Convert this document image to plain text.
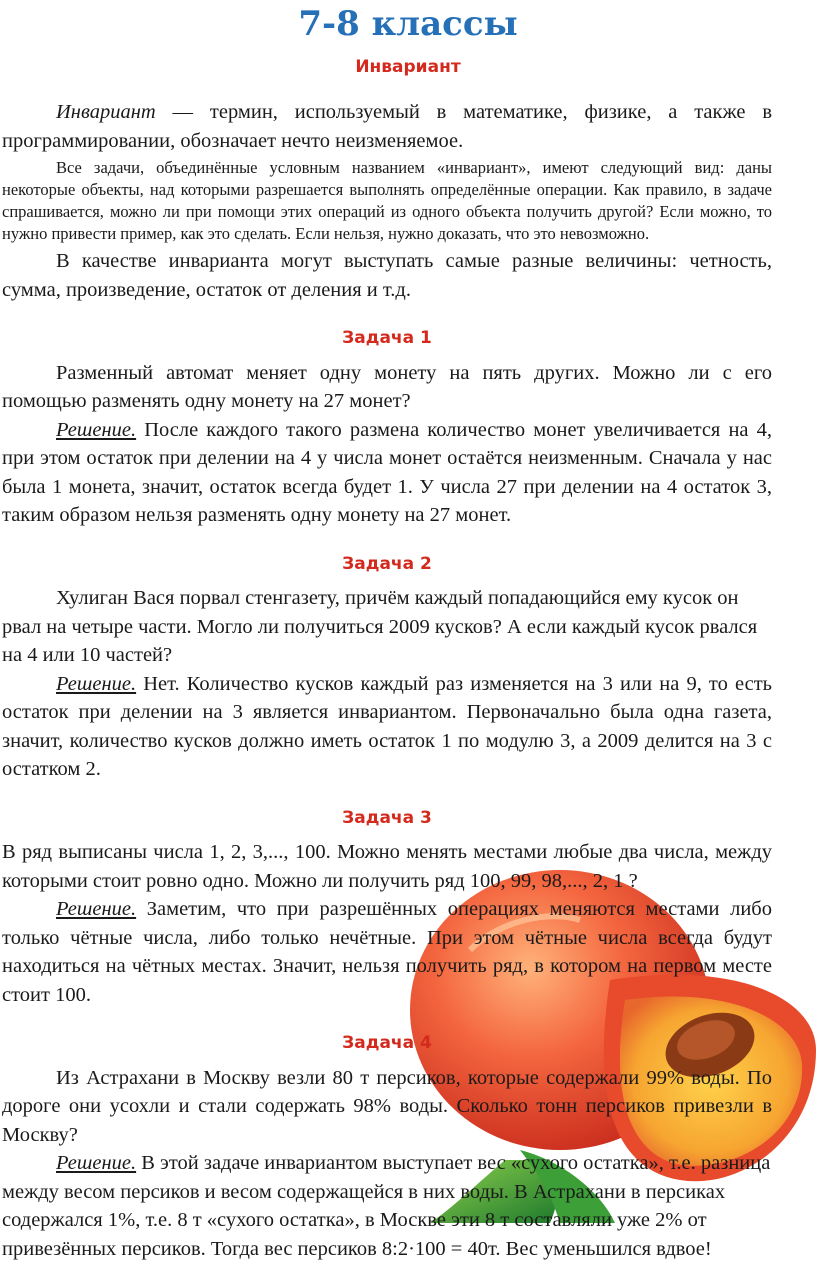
7-8 классы
Инвариант

Инвариант — термин, используемый в математике, физике, а также в программировании, обозначает нечто неизменяемое.

Все задачи, объединённые условным названием «инвариант», имеют следующий вид: даны некоторые объекты, над которыми разрешается выполнять определённые операции. Как правило, в задаче спрашивается, можно ли при помощи этих операций из одного объекта получить другой? Если можно, то нужно привести пример, как это сделать. Если нельзя, нужно доказать, что это невозможно.

В качестве инварианта могут выступать самые разные величины: четность, сумма, произведение, остаток от деления и т.д.

Задача 1

Разменный автомат меняет одну монету на пять других. Можно ли с его помощью разменять одну монету на 27 монет?

Решение. После каждого такого размена количество монет увеличивается на 4, при этом остаток при делении на 4 у числа монет остаётся неизменным. Сначала у нас была 1 монета, значит, остаток всегда будет 1. У числа 27 при делении на 4 остаток 3, таким образом нельзя разменять одну монету на 27 монет.

Задача 2

Хулиган Вася порвал стенгазету, причём каждый попадающийся ему кусок он рвал на четыре части. Могло ли получиться 2009 кусков? А если каждый кусок рвался на 4 или 10 частей?

Решение. Нет. Количество кусков каждый раз изменяется на 3 или на 9, то есть остаток при делении на 3 является инвариантом. Первоначально была одна газета, значит, количество кусков должно иметь остаток 1 по модулю 3, а 2009 делится на 3 с остатком 2.

Задача 3

В ряд выписаны числа 1, 2, 3,..., 100. Можно менять местами любые два числа, между которыми стоит ровно одно. Можно ли получить ряд 100, 99, 98,..., 2, 1 ?

Решение. Заметим, что при разрешённых операциях меняются местами либо только чётные числа, либо только нечётные. При этом чётные числа всегда будут находиться на чётных местах. Значит, нельзя получить ряд, в котором на первом месте стоит 100.

Задача 4

Из Астрахани в Москву везли 80 т персиков, которые содержали 99% воды. По дороге они усохли и стали содержать 98% воды. Сколько тонн персиков привезли в Москву?

Решение. В этой задаче инвариантом выступает вес «сухого остатка», т.е. разница между весом персиков и весом содержащейся в них воды. В Астрахани в персиках содержался 1%, т.е. 8 т «сухого остатка», в Москве эти 8 т составляли уже 2% от привезённых персиков. Тогда вес персиков 8:2·100 = 40т. Вес уменьшился вдвое!
